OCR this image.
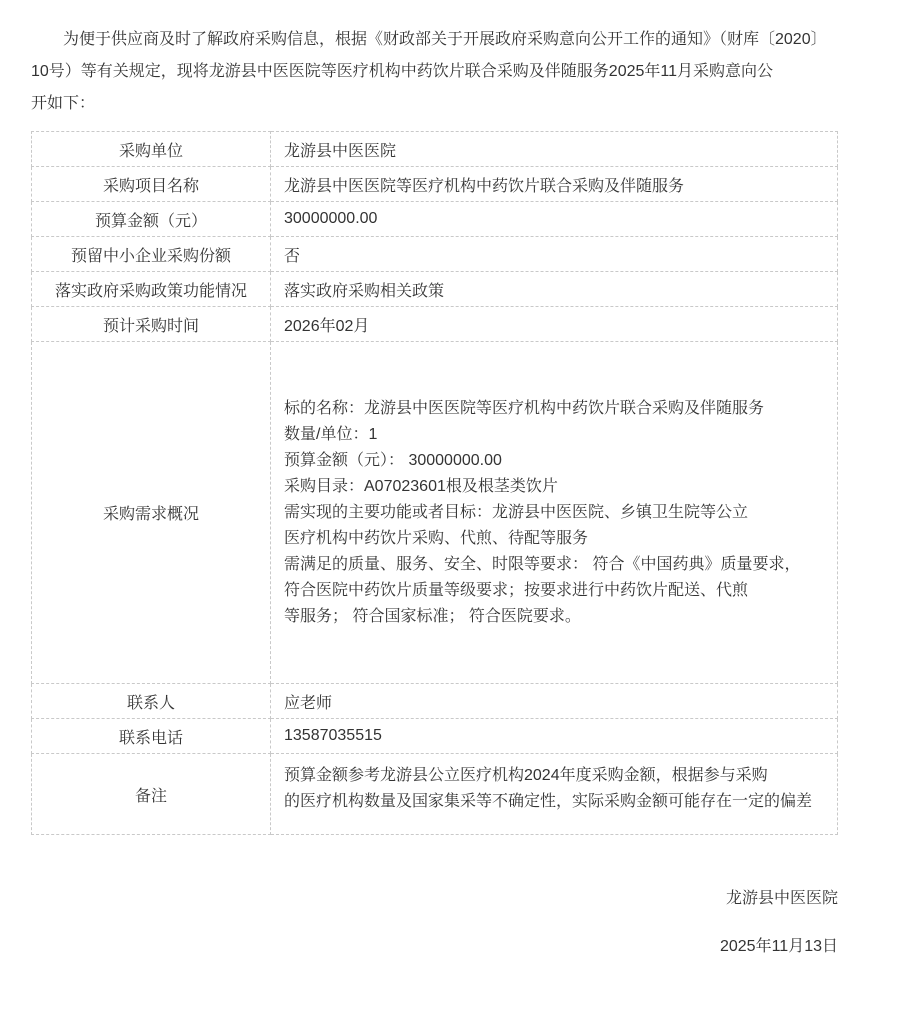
为便于供应商及时了解政府采购信息，根据《财政部关于开展政府采购意向公开工作的通知》（财库〔2020〕
10号）等有关规定，现将龙游县中医医院等医疗机构中药饮片联合采购及伴随服务2025年11月采购意向公
开如下：
采购单位	龙游县中医医院
采购项目名称	龙游县中医医院等医疗机构中药饮片联合采购及伴随服务
预算金额（元）	30000000.00
预留中小企业采购份额	否
落实政府采购政策功能情况	落实政府采购相关政策
预计采购时间	2026年02月
采购需求概况	标的名称：龙游县中医医院等医疗机构中药饮片联合采购及伴随服务
数量/单位：1
预算金额（元）： 30000000.00
采购目录：A07023601根及根茎类饮片
需实现的主要功能或者目标：龙游县中医医院、乡镇卫生院等公立
医疗机构中药饮片采购、代煎、待配等服务
需满足的质量、服务、安全、时限等要求： 符合《中国药典》质量要求，
符合医院中药饮片质量等级要求；按要求进行中药饮片配送、代煎
等服务； 符合国家标准； 符合医院要求。
联系人	应老师
联系电话	13587035515
备注	预算金额参考龙游县公立医疗机构2024年度采购金额，根据参与采购
的医疗机构数量及国家集采等不确定性，实际采购金额可能存在一定的偏差
龙游县中医医院
2025年11月13日
